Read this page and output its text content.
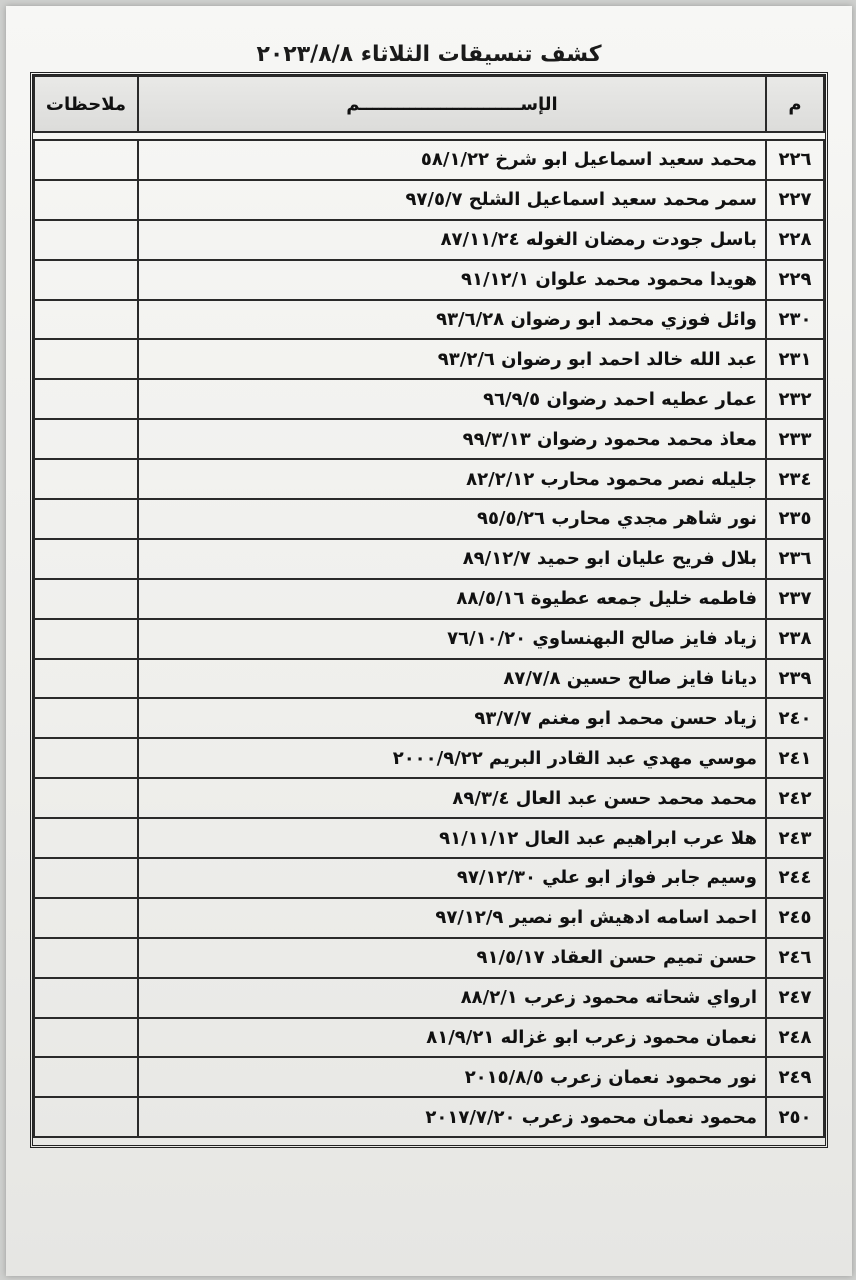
كشف تنسيقات الثلاثاء ٢٠٢٣/٨/٨
م	الإســــــــــــــــــــــــــم	ملاحظات

٢٢٦	محمد سعيد اسماعيل ابو شرخ ٥٨/١/٢٢	
٢٢٧	سمر محمد سعيد اسماعيل الشلح ٩٧/٥/٧	
٢٢٨	باسل جودت رمضان الغوله ٨٧/١١/٢٤	
٢٢٩	هويدا محمود محمد علوان ٩١/١٢/١	
٢٣٠	وائل فوزي محمد ابو رضوان ٩٣/٦/٢٨	
٢٣١	عبد الله خالد احمد ابو رضوان ٩٣/٢/٦	
٢٣٢	عمار عطيه احمد رضوان ٩٦/٩/٥	
٢٣٣	معاذ محمد محمود رضوان ٩٩/٣/١٣	
٢٣٤	جليله نصر محمود محارب ٨٢/٢/١٢	
٢٣٥	نور شاهر مجدي محارب ٩٥/٥/٢٦	
٢٣٦	بلال فريح عليان ابو حميد ٨٩/١٢/٧	
٢٣٧	فاطمه خليل جمعه عطيوة ٨٨/٥/١٦	
٢٣٨	زياد فايز صالح البهنساوي ٧٦/١٠/٢٠	
٢٣٩	ديانا فايز صالح حسين ٨٧/٧/٨	
٢٤٠	زياد حسن محمد ابو مغنم ٩٣/٧/٧	
٢٤١	موسي مهدي عبد القادر البريم ٢٠٠٠/٩/٢٢	
٢٤٢	محمد محمد حسن عبد العال ٨٩/٣/٤	
٢٤٣	هلا عرب ابراهيم عبد العال ٩١/١١/١٢	
٢٤٤	وسيم جابر فواز ابو علي ٩٧/١٢/٣٠	
٢٤٥	احمد اسامه ادهيش ابو نصير ٩٧/١٢/٩	
٢٤٦	حسن تميم حسن العقاد ٩١/٥/١٧	
٢٤٧	ارواي شحاته محمود زعرب ٨٨/٢/١	
٢٤٨	نعمان محمود زعرب ابو غزاله ٨١/٩/٢١	
٢٤٩	نور محمود نعمان زعرب ٢٠١٥/٨/٥	
٢٥٠	محمود نعمان محمود زعرب ٢٠١٧/٧/٢٠	
